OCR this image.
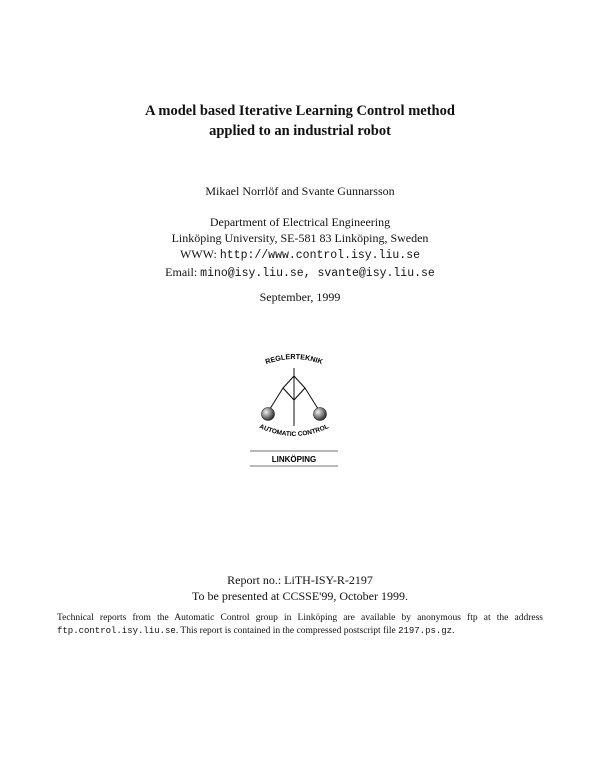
A model based Iterative Learning Control method
applied to an industrial robot
Mikael Norrlöf and Svante Gunnarsson
Department of Electrical Engineering
Linköping University, SE-581 83 Linköping, Sweden
WWW: http://www.control.isy.liu.se
Email: mino@isy.liu.se, svante@isy.liu.se
September, 1999
REGLERTEKNIK
AUTOMATIC CONTROL
LINKÖPING
Report no.: LiTH-ISY-R-2197
To be presented at CCSSE'99, October 1999.
Technical reports from the Automatic Control group in Linköping are available by anonymous ftp at the address ftp.control.isy.liu.se. This report is contained in the compressed postscript file 2197.ps.gz.
